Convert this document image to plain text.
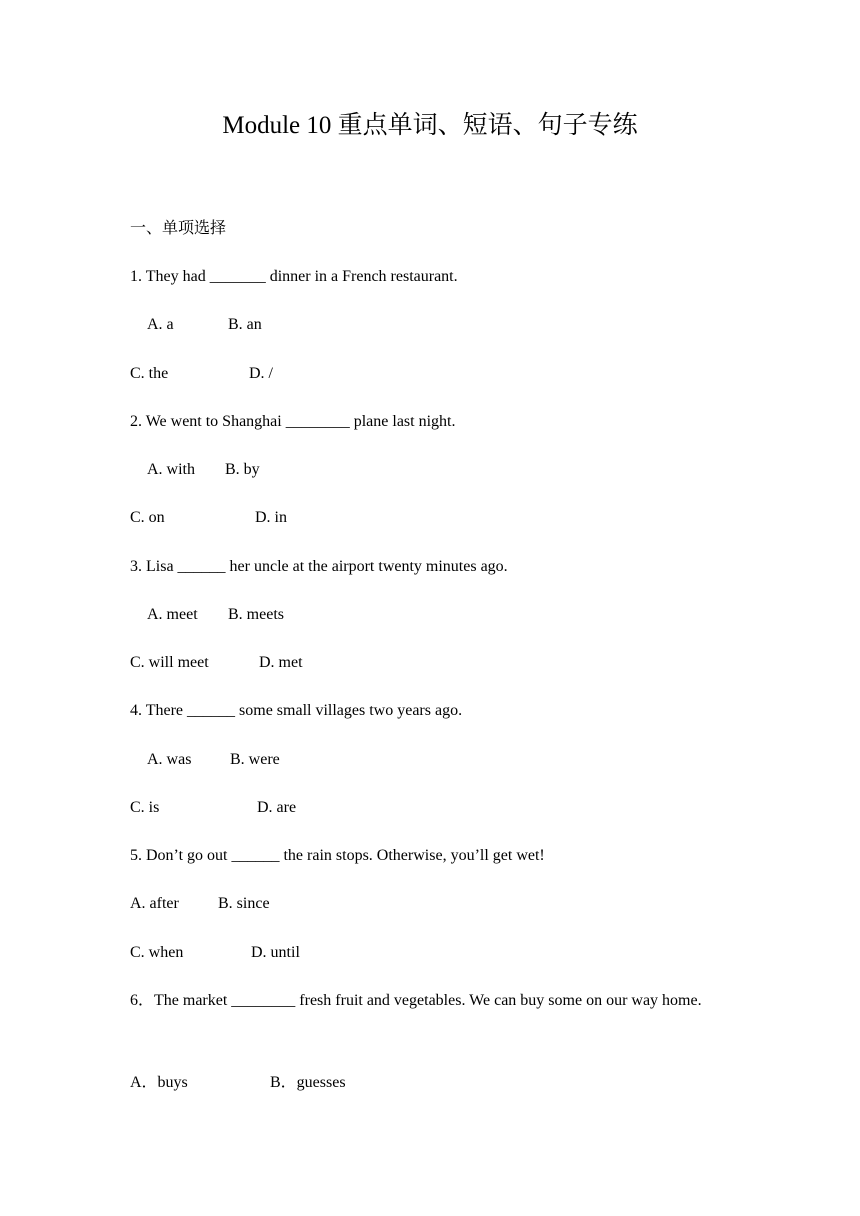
Module 10 重点单词、短语、句子专练
一、单项选择
1. They had _______ dinner in a French restaurant.
A. a	B. an
C. the	D. /
2. We went to Shanghai ________ plane last night.
A. with B. by
C. on	D. in
3. Lisa ______ her uncle at the airport twenty minutes ago.
A. meet B. meets
C. will meet	D. met
4. There ______ some small villages two years ago.
A. was B. were
C. is	D. are
5. Don’t go out ______ the rain stops. Otherwise, you’ll get wet!
A. after B. since
C. when	D. until
6．The market ________ fresh fruit and vegetables. We can buy some on our way home.
A．buys	B．guesses
